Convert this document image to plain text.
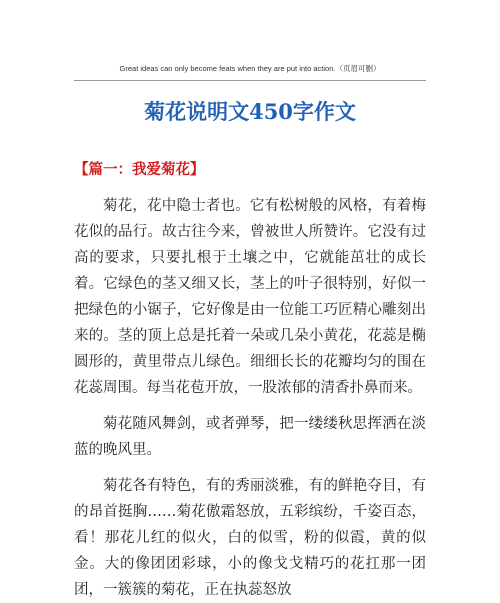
Great ideas can only become feats when they are put into action.（页眉可删）
菊花说明文450字作文
【篇一：我爱菊花】

菊花，花中隐士者也。它有松树般的风格，有着梅花似的品行。故古往今来，曾被世人所赞许。它没有过高的要求，只要扎根于土壤之中，它就能茁壮的成长着。它绿色的茎又细又长，茎上的叶子很特别，好似一把绿色的小锯子，它好像是由一位能工巧匠精心雕刻出来的。茎的顶上总是托着一朵或几朵小黄花，花蕊是椭圆形的，黄里带点儿绿色。细细长长的花瓣均匀的围在花蕊周围。每当花苞开放，一股浓郁的清香扑鼻而来。

菊花随风舞剑，或者弹琴，把一缕缕秋思挥洒在淡蓝的晚风里。

菊花各有特色，有的秀丽淡雅，有的鲜艳夺目，有的昂首挺胸……菊花傲霜怒放，五彩缤纷，千姿百态，看！那花儿红的似火，白的似雪，粉的似霞，黄的似金。大的像团团彩球，小的像戈戈精巧的花扛那一团团，一簇簇的菊花，正在执蕊怒放
